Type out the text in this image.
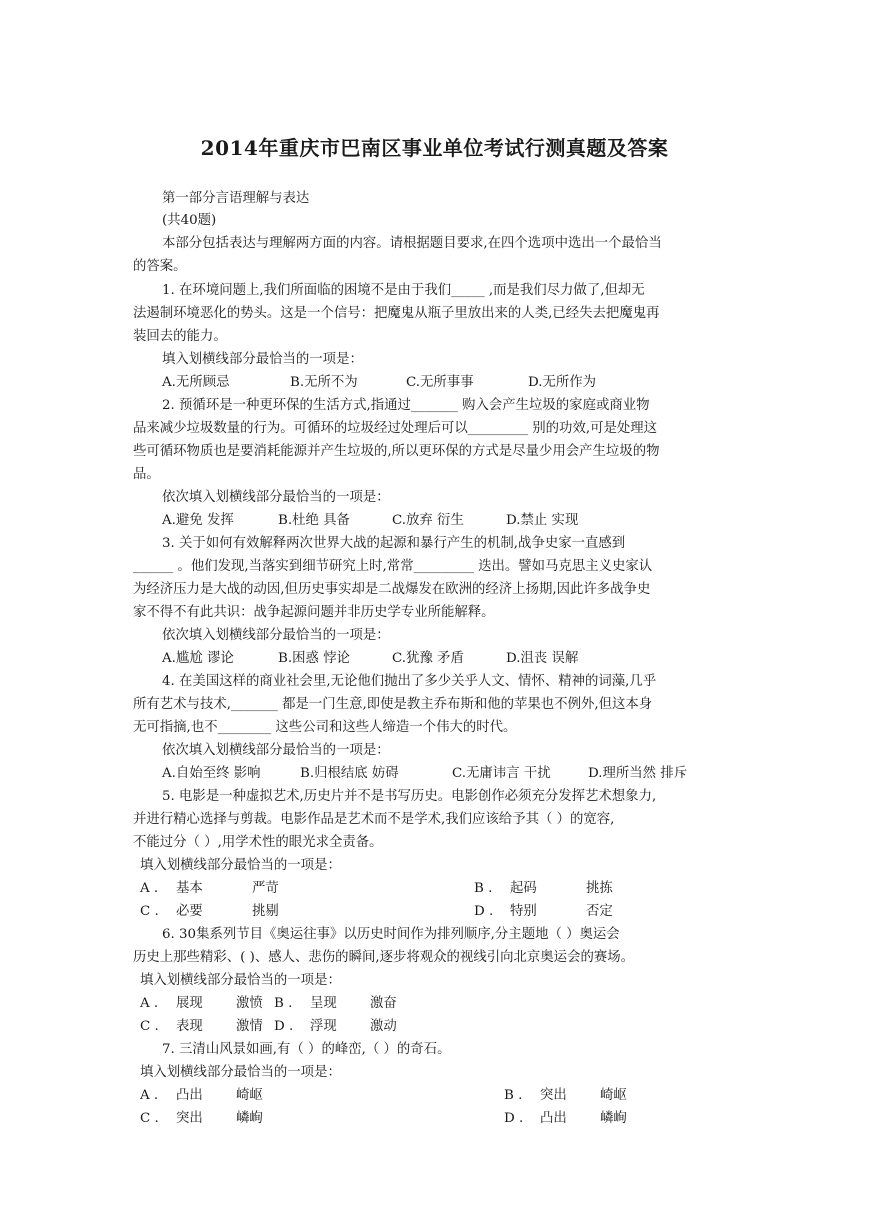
2014年重庆市巴南区事业单位考试行测真题及答案
第一部分言语理解与表达
(共40题)
本部分包括表达与理解两方面的内容。请根据题目要求,在四个选项中选出一个最恰当
的答案。
1. 在环境问题上,我们所面临的困境不是由于我们_____ ,而是我们尽力做了,但却无
法遏制环境恶化的势头。这是一个信号：把魔鬼从瓶子里放出来的人类,已经失去把魔鬼再
装回去的能力。
填入划横线部分最恰当的一项是：
A.无所顾忌	B.无所不为	C.无所事事	D.无所作为
2. 预循环是一种更环保的生活方式,指通过_______ 购入会产生垃圾的家庭或商业物
品来减少垃圾数量的行为。可循环的垃圾经过处理后可以_________ 别的功效,可是处理这
些可循环物质也是要消耗能源并产生垃圾的,所以更环保的方式是尽量少用会产生垃圾的物
品。
依次填入划横线部分最恰当的一项是：
A.避免 发挥	B.杜绝 具备	C.放弃 衍生	D.禁止 实现
3. 关于如何有效解释两次世界大战的起源和暴行产生的机制,战争史家一直感到
______ 。他们发现,当落实到细节研究上时,常常_________ 迭出。譬如马克思主义史家认
为经济压力是大战的动因,但历史事实却是二战爆发在欧洲的经济上扬期,因此许多战争史
家不得不有此共识：战争起源问题并非历史学专业所能解释。
依次填入划横线部分最恰当的一项是：
A.尴尬 谬论	B.困惑 悖论	C.犹豫 矛盾	D.沮丧 误解
4. 在美国这样的商业社会里,无论他们抛出了多少关乎人文、情怀、精神的词藻,几乎
所有艺术与技术,_______ 都是一门生意,即使是教主乔布斯和他的苹果也不例外,但这本身
无可指摘,也不________ 这些公司和这些人缔造一个伟大的时代。
依次填入划横线部分最恰当的一项是：
A.自始至终 影响	B.归根结底 妨碍	C.无庸讳言 干扰	D.理所当然 排斥
5. 电影是一种虚拟艺术,历史片并不是书写历史。电影创作必须充分发挥艺术想象力,
并进行精心选择与剪裁。电影作品是艺术而不是学术,我们应该给予其（ ）的宽容,
不能过分（ ）,用学术性的眼光求全责备。
填入划横线部分最恰当的一项是：
A . 基本	严苛	B . 起码	挑拣
C . 必要	挑剔	D . 特别	否定
6. 30集系列节目《奥运往事》以历史时间作为排列顺序,分主题地（ ）奥运会
历史上那些精彩、( )、感人、悲伤的瞬间,逐步将观众的视线引向北京奥运会的赛场。
填入划横线部分最恰当的一项是：
A . 展现 激愤 B . 呈现 激奋
C . 表现 激情 D . 浮现 激动
7. 三清山风景如画,有（ ）的峰峦,（ ）的奇石。
填入划横线部分最恰当的一项是：
A . 凸出 崎岖	B . 突出 崎岖
C . 突出 嶙峋	D . 凸出 嶙峋
